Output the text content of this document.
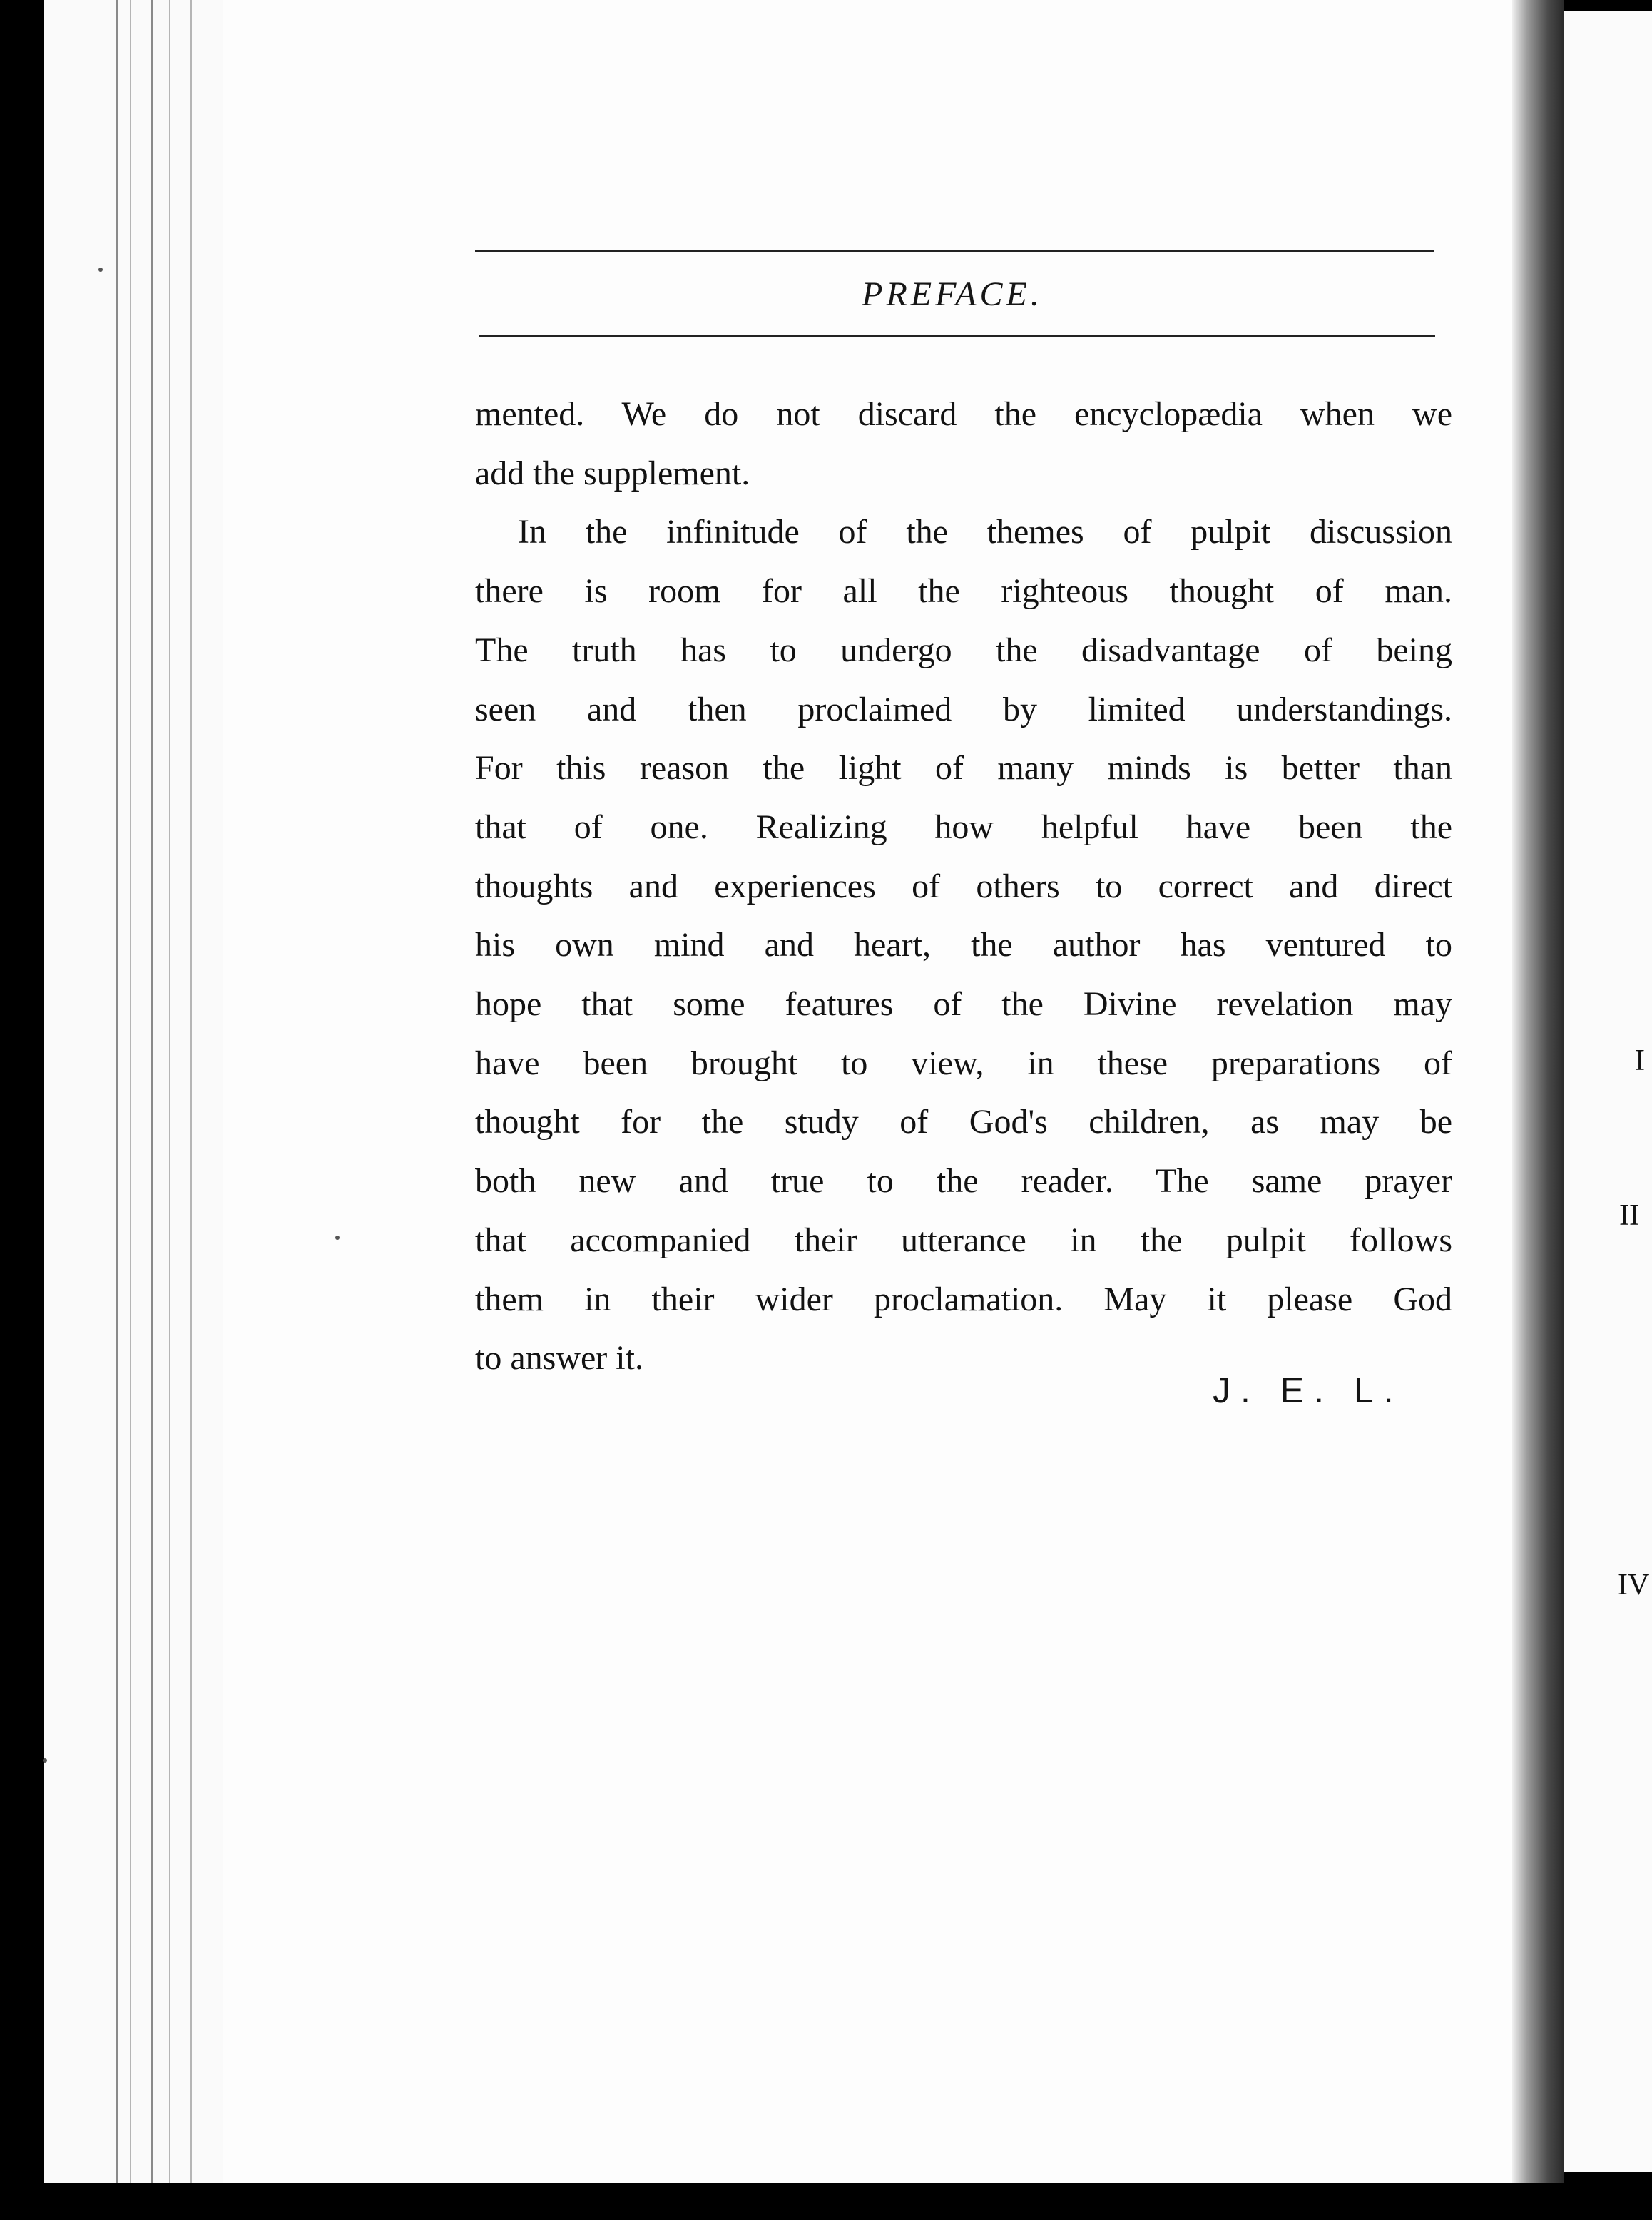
I
II
IV
PREFACE.
mented. We do not discard the encyclopædia when we
add the supplement.
In the infinitude of the themes of pulpit discussion
there is room for all the righteous thought of man.
The truth has to undergo the disadvantage of being
seen and then proclaimed by limited understandings.
For this reason the light of many minds is better than
that of one. Realizing how helpful have been the
thoughts and experiences of others to correct and direct
his own mind and heart, the author has ventured to
hope that some features of the Divine revelation may
have been brought to view, in these preparations of
thought for the study of God's children, as may be
both new and true to the reader. The same prayer
that accompanied their utterance in the pulpit follows
them in their wider proclamation. May it please God
to answer it.
J. E. L.
